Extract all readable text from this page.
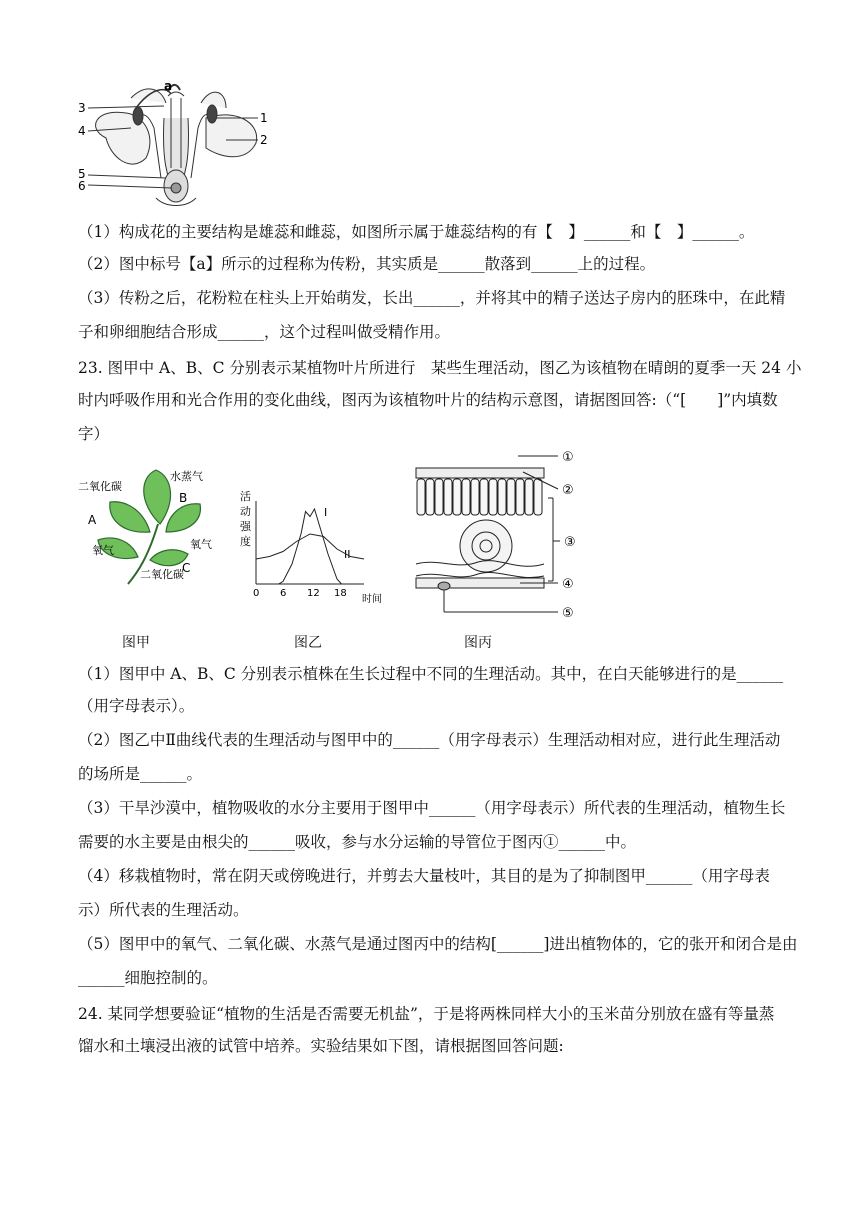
a
1
2
3
4
5
6
（1）构成花的主要结构是雄蕊和雌蕊，如图所示属于雄蕊结构的有【　】______和【　】______。
（2）图中标号【a】所示的过程称为传粉，其实质是______散落到______上的过程。
（3）传粉之后，花粉粒在柱头上开始萌发，长出______，并将其中的精子送达子房内的胚珠中，在此精
子和卵细胞结合形成______，这个过程叫做受精作用。
23. 图甲中 A、B、C 分别表示某植物叶片所进行　某些生理活动，图乙为该植物在晴朗的夏季一天 24 小
时内呼吸作用和光合作用的变化曲线，图丙为该植物叶片的结构示意图，请据图回答:（“[　　]”内填数
字）
二氧化碳
水蒸气
A
B
C
氧气	氧气
二氧化碳
图甲
活
动
强
度
时间
I
II
0 6 12 18
图乙
①
②
③
④
⑤
图丙
（1）图甲中 A、B、C 分别表示植株在生长过程中不同的生理活动。其中，在白天能够进行的是______
（用字母表示）。
（2）图乙中Ⅱ曲线代表的生理活动与图甲中的______（用字母表示）生理活动相对应，进行此生理活动
的场所是______。
（3）干旱沙漠中，植物吸收的水分主要用于图甲中______（用字母表示）所代表的生理活动，植物生长
需要的水主要是由根尖的______吸收，参与水分运输的导管位于图丙①______中。
（4）移栽植物时，常在阴天或傍晚进行，并剪去大量枝叶，其目的是为了抑制图甲______（用字母表
示）所代表的生理活动。
（5）图甲中的氧气、二氧化碳、水蒸气是通过图丙中的结构[______]进出植物体的，它的张开和闭合是由
______细胞控制的。
24. 某同学想要验证“植物的生活是否需要无机盐”，于是将两株同样大小的玉米苗分别放在盛有等量蒸
馏水和土壤浸出液的试管中培养。实验结果如下图，请根据图回答问题:
